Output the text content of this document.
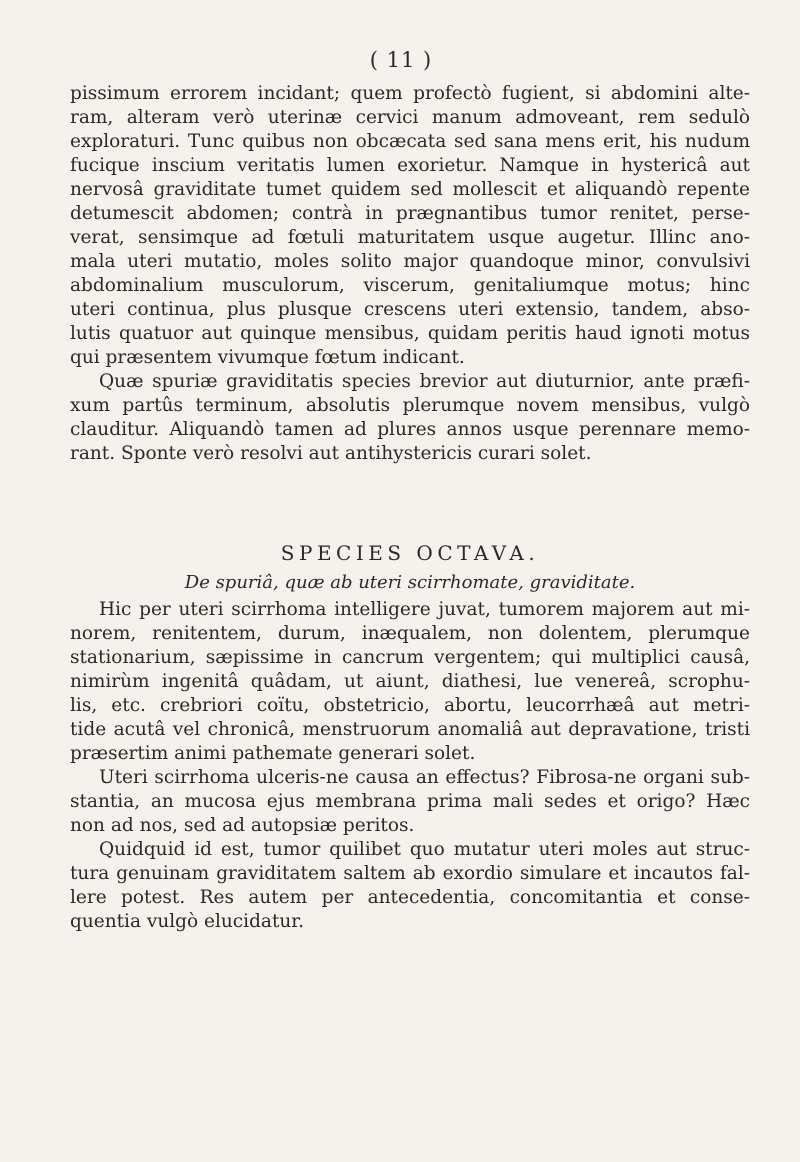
( 11 )
pissimum errorem incidant; quem profectò fugient, si abdomini alte-
ram, alteram verò uterinæ cervici manum admoveant, rem sedulò
exploraturi. Tunc quibus non obcæcata sed sana mens erit, his nudum
fucique inscium veritatis lumen exorietur. Namque in hystericâ aut
nervosâ graviditate tumet quidem sed mollescit et aliquandò repente
detumescit abdomen; contrà in prægnantibus tumor renitet, perse-
verat, sensimque ad fœtuli maturitatem usque augetur. Illinc ano-
mala uteri mutatio, moles solito major quandoque minor, convulsivi
abdominalium musculorum, viscerum, genitaliumque motus; hinc
uteri continua, plus plusque crescens uteri extensio, tandem, abso-
lutis quatuor aut quinque mensibus, quidam peritis haud ignoti motus
qui præsentem vivumque fœtum indicant.
Quæ spuriæ graviditatis species brevior aut diuturnior, ante præfi-
xum partûs terminum, absolutis plerumque novem mensibus, vulgò
clauditur. Aliquandò tamen ad plures annos usque perennare memo-
rant. Sponte verò resolvi aut antihystericis curari solet.
SPECIES OCTAVA.
De spuriâ, quæ ab uteri scirrhomate, graviditate.
Hic per uteri scirrhoma intelligere juvat, tumorem majorem aut mi-
norem, renitentem, durum, inæqualem, non dolentem, plerumque
stationarium, sæpissime in cancrum vergentem; qui multiplici causâ,
nimirùm ingenitâ quâdam, ut aiunt, diathesi, lue venereâ, scrophu-
lis, etc. crebriori coïtu, obstetricio, abortu, leucorrhæâ aut metri-
tide acutâ vel chronicâ, menstruorum anomaliâ aut depravatione, tristi
præsertim animi pathemate generari solet.
Uteri scirrhoma ulceris-ne causa an effectus? Fibrosa-ne organi sub-
stantia, an mucosa ejus membrana prima mali sedes et origo? Hæc
non ad nos, sed ad autopsiæ peritos.
Quidquid id est, tumor quilibet quo mutatur uteri moles aut struc-
tura genuinam graviditatem saltem ab exordio simulare et incautos fal-
lere potest. Res autem per antecedentia, concomitantia et conse-
quentia vulgò elucidatur.
